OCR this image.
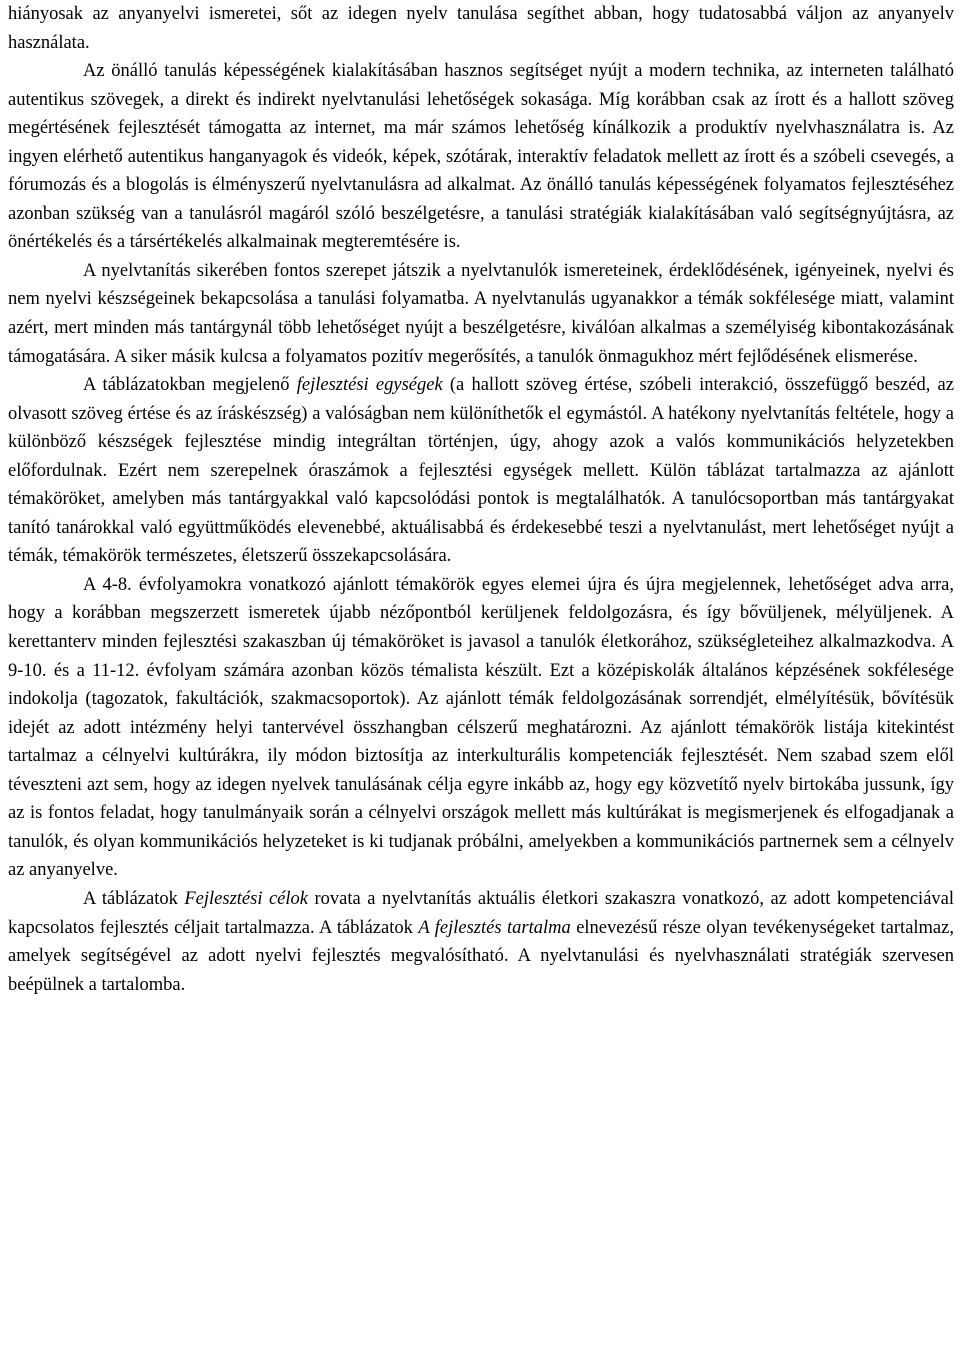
hiányosak az anyanyelvi ismeretei, sőt az idegen nyelv tanulása segíthet abban, hogy tudatosabbá váljon az anyanyelv használata.

Az önálló tanulás képességének kialakításában hasznos segítséget nyújt a modern technika, az interneten található autentikus szövegek, a direkt és indirekt nyelvtanulási lehetőségek sokasága. Míg korábban csak az írott és a hallott szöveg megértésének fejlesztését támogatta az internet, ma már számos lehetőség kínálkozik a produktív nyelvhasználatra is. Az ingyen elérhető autentikus hanganyagok és videók, képek, szótárak, interaktív feladatok mellett az írott és a szóbeli csevegés, a fórumozás és a blogolás is élményszerű nyelvtanulásra ad alkalmat. Az önálló tanulás képességének folyamatos fejlesztéséhez azonban szükség van a tanulásról magáról szóló beszélgetésre, a tanulási stratégiák kialakításában való segítségnyújtásra, az önértékelés és a társértékelés alkalmainak megteremtésére is.

A nyelvtanítás sikerében fontos szerepet játszik a nyelvtanulók ismereteinek, érdeklődésének, igényeinek, nyelvi és nem nyelvi készségeinek bekapcsolása a tanulási folyamatba. A nyelvtanulás ugyanakkor a témák sokfélesége miatt, valamint azért, mert minden más tantárgynál több lehetőséget nyújt a beszélgetésre, kiválóan alkalmas a személyiség kibontakozásának támogatására. A siker másik kulcsa a folyamatos pozitív megerősítés, a tanulók önmagukhoz mért fejlődésének elismerése.

A táblázatokban megjelenő fejlesztési egységek (a hallott szöveg értése, szóbeli interakció, összefüggő beszéd, az olvasott szöveg értése és az íráskészség) a valóságban nem különíthetők el egymástól. A hatékony nyelvtanítás feltétele, hogy a különböző készségek fejlesztése mindig integráltan történjen, úgy, ahogy azok a valós kommunikációs helyzetekben előfordulnak. Ezért nem szerepelnek óraszámok a fejlesztési egységek mellett. Külön táblázat tartalmazza az ajánlott témaköröket, amelyben más tantárgyakkal való kapcsolódási pontok is megtalálhatók. A tanulócsoportban más tantárgyakat tanító tanárokkal való együttműködés elevenebbé, aktuálisabbá és érdekesebbé teszi a nyelvtanulást, mert lehetőséget nyújt a témák, témakörök természetes, életszerű összekapcsolására.

A 4-8. évfolyamokra vonatkozó ajánlott témakörök egyes elemei újra és újra megjelennek, lehetőséget adva arra, hogy a korábban megszerzett ismeretek újabb nézőpontból kerüljenek feldolgozásra, és így bővüljenek, mélyüljenek. A kerettanterv minden fejlesztési szakaszban új témaköröket is javasol a tanulók életkorához, szükségleteihez alkalmazkodva. A 9-10. és a 11-12. évfolyam számára azonban közös témalista készült. Ezt a középiskolák általános képzésének sokfélesége indokolja (tagozatok, fakultációk, szakmacsoportok). Az ajánlott témák feldolgozásának sorrendjét, elmélyítésük, bővítésük idejét az adott intézmény helyi tantervével összhangban célszerű meghatározni. Az ajánlott témakörök listája kitekintést tartalmaz a célnyelvi kultúrákra, ily módon biztosítja az interkulturális kompetenciák fejlesztését. Nem szabad szem elől téveszteni azt sem, hogy az idegen nyelvek tanulásának célja egyre inkább az, hogy egy közvetítő nyelv birtokába jussunk, így az is fontos feladat, hogy tanulmányaik során a célnyelvi országok mellett más kultúrákat is megismerjenek és elfogadjanak a tanulók, és olyan kommunikációs helyzeteket is ki tudjanak próbálni, amelyekben a kommunikációs partnernek sem a célnyelv az anyanyelve.

A táblázatok Fejlesztési célok rovata a nyelvtanítás aktuális életkori szakaszra vonatkozó, az adott kompetenciával kapcsolatos fejlesztés céljait tartalmazza. A táblázatok A fejlesztés tartalma elnevezésű része olyan tevékenységeket tartalmaz, amelyek segítségével az adott nyelvi fejlesztés megvalósítható. A nyelvtanulási és nyelvhasználati stratégiák szervesen beépülnek a tartalomba.
